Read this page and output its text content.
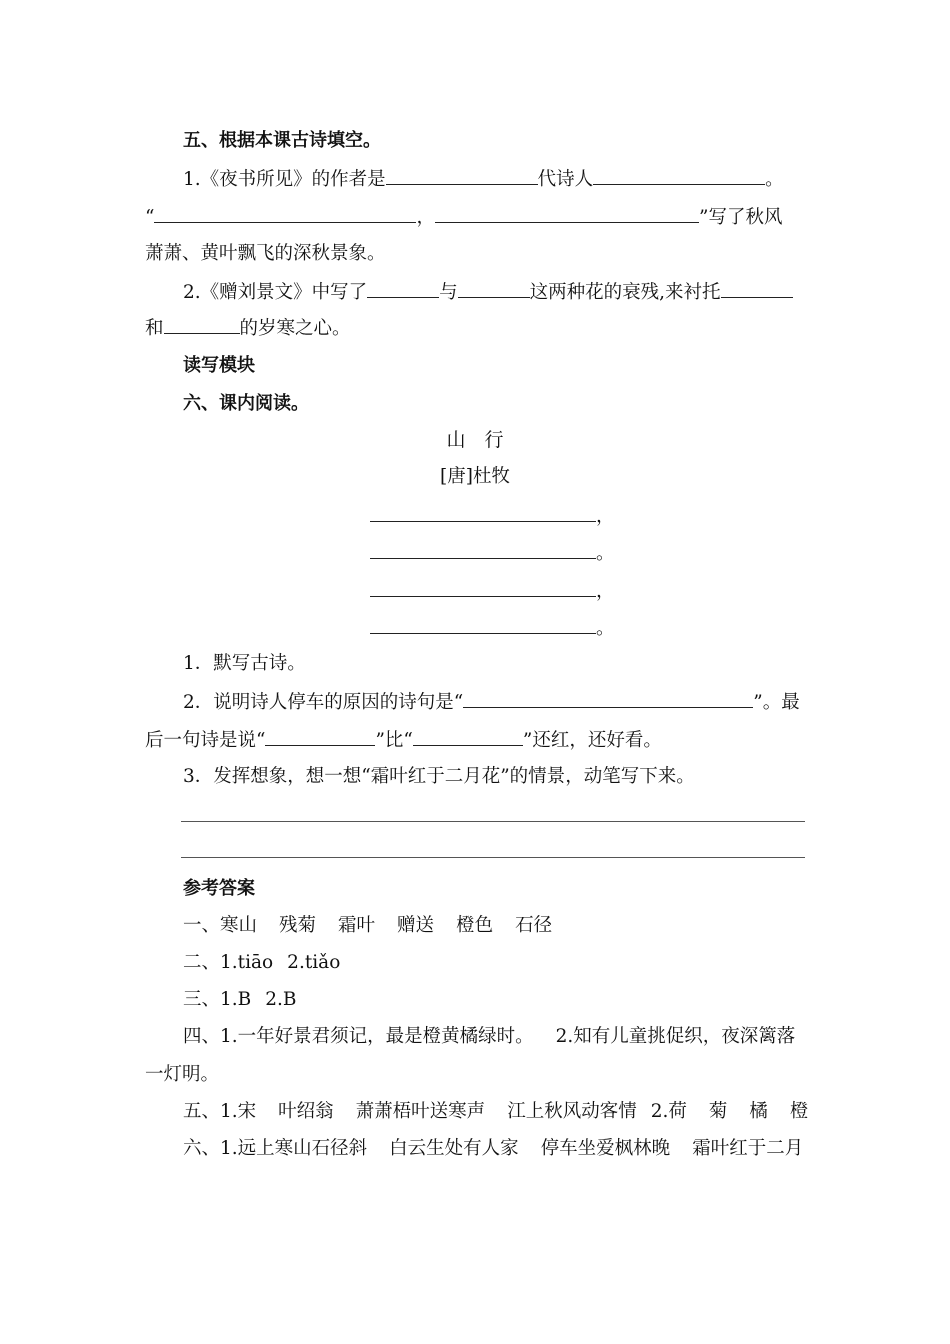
五、根据本课古诗填空。
1.《夜书所见》的作者是	代诗人	。
“	，	”写了秋风
萧萧、黄叶飘飞的深秋景象。
2.《赠刘景文》中写了	与	这两种花的衰残,来衬托
和	的岁寒之心。
读写模块
六、课内阅读。
山　行
[唐]杜牧
，
。
，
。
1．默写古诗。
2．说明诗人停车的原因的诗句是“	”。最
后一句诗是说“	”比“	”还红，还好看。
3．发挥想象，想一想“霜叶红于二月花”的情景，动笔写下来。
参考答案
一、寒山 残菊 霜叶 赠送 橙色 石径
二、1.tiāo 2.tiǎo
三、1.B 2.B
四、1.一年好景君须记，最是橙黄橘绿时。 2.知有儿童挑促织，夜深篱落
一灯明。
五、1.宋 叶绍翁 萧萧梧叶送寒声 江上秋风动客情 2.荷 菊 橘 橙
六、1.远上寒山石径斜 白云生处有人家 停车坐爱枫林晚 霜叶红于二月
